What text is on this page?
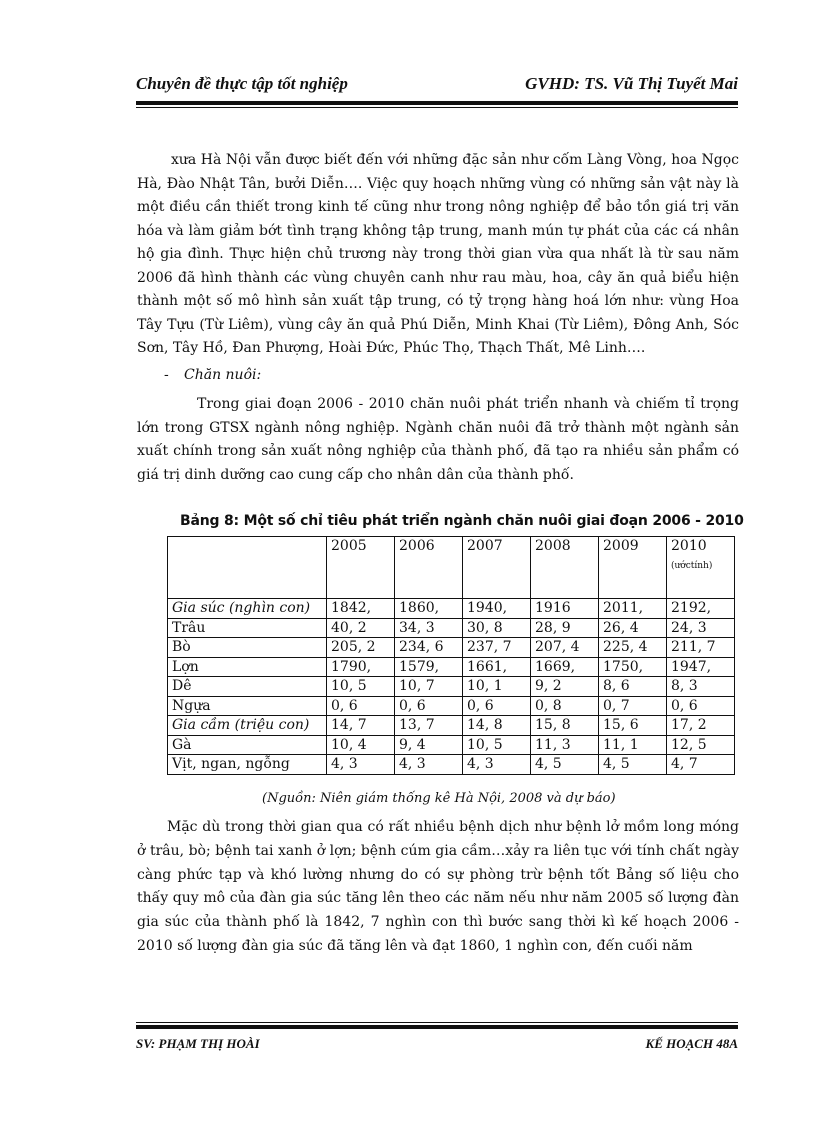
Chuyên đề thực tập tốt nghiệp	GVHD: TS. Vũ Thị Tuyết Mai
xưa Hà Nội vẫn được biết đến với những đặc sản như cốm Làng Vòng, hoa Ngọc Hà, Đào Nhật Tân, bưởi Diễn…. Việc quy hoạch những vùng có những sản vật này là một điều cần thiết trong kinh tế cũng như trong nông nghiệp để bảo tồn giá trị văn hóa và làm giảm bớt tình trạng không tập trung, manh mún tự phát của các cá nhân hộ gia đình. Thực hiện chủ trương này trong thời gian vừa qua nhất là từ sau năm 2006 đã hình thành các vùng chuyên canh như rau màu, hoa, cây ăn quả biểu hiện thành một số mô hình sản xuất tập trung, có tỷ trọng hàng hoá lớn như: vùng Hoa Tây Tựu (Từ Liêm), vùng cây ăn quả Phú Diễn, Minh Khai (Từ Liêm), Đông Anh, Sóc Sơn, Tây Hồ, Đan Phượng, Hoài Đức, Phúc Thọ, Thạch Thất, Mê Linh….
- Chăn nuôi:
Trong giai đoạn 2006 - 2010 chăn nuôi phát triển nhanh và chiếm tỉ trọng lớn trong GTSX ngành nông nghiệp. Ngành chăn nuôi đã trở thành một ngành sản xuất chính trong sản xuất nông nghiệp của thành phố, đã tạo ra nhiều sản phẩm có giá trị dinh dưỡng cao cung cấp cho nhân dân của thành phố.
Bảng 8: Một số chỉ tiêu phát triển ngành chăn nuôi giai đoạn 2006 - 2010
	2005	2006	2007	2008	2009	2010
(ướctính)

Gia súc (nghìn con)	1842,	1860,	1940,	1916	2011,	2192,
Trâu	40, 2	34, 3	30, 8	28, 9	26, 4	24, 3
Bò	205, 2	234, 6	237, 7	207, 4	225, 4	211, 7
Lợn	1790,	1579,	1661,	1669,	1750,	1947,
Dê	10, 5	10, 7	10, 1	9, 2	8, 6	8, 3
Ngựa	0, 6	0, 6	0, 6	0, 8	0, 7	0, 6
Gia cầm (triệu con)	14, 7	13, 7	14, 8	15, 8	15, 6	17, 2
Gà	10, 4	9, 4	10, 5	11, 3	11, 1	12, 5
Vịt, ngan, ngỗng	4, 3	4, 3	4, 3	4, 5	4, 5	4, 7
(Nguồn: Niên giám thống kê Hà Nội, 2008 và dự báo)
Mặc dù trong thời gian qua có rất nhiều bệnh dịch như bệnh lở mồm long móng ở trâu, bò; bệnh tai xanh ở lợn; bệnh cúm gia cầm…xảy ra liên tục với tính chất ngày càng phức tạp và khó lường nhưng do có sự phòng trừ bệnh tốt Bảng số liệu cho thấy quy mô của đàn gia súc tăng lên theo các năm nếu như năm 2005 số lượng đàn gia súc của thành phố là 1842, 7 nghìn con thì bước sang thời kì kế hoạch 2006 - 2010 số lượng đàn gia súc đã tăng lên và đạt 1860, 1 nghìn con, đến cuối năm
SV: PHẠM THỊ HOÀI	KẾ HOẠCH 48A
